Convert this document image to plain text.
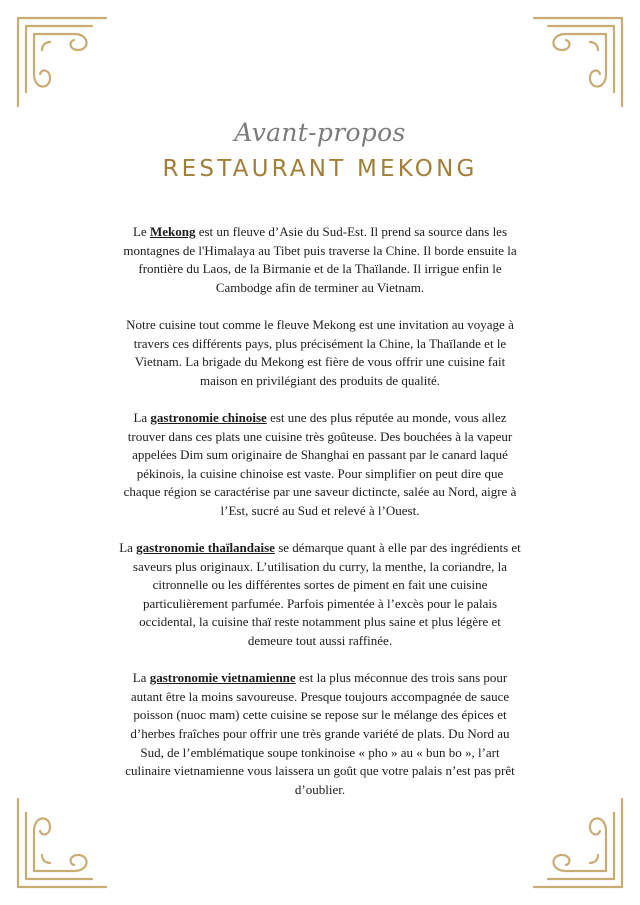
Avant-propos
RESTAURANT MEKONG

Le Mekong est un fleuve d’Asie du Sud-Est. Il prend sa source dans les montagnes de l'Himalaya au Tibet puis traverse la Chine. Il borde ensuite la frontière du Laos, de la Birmanie et de la Thaïlande. Il irrigue enfin le Cambodge afin de terminer au Vietnam.

Notre cuisine tout comme le fleuve Mekong est une invitation au voyage à travers ces différents pays, plus précisément la Chine, la Thaïlande et le Vietnam. La brigade du Mekong est fière de vous offrir une cuisine fait maison en privilégiant des produits de qualité.

La gastronomie chinoise est une des plus réputée au monde, vous allez trouver dans ces plats une cuisine très goûteuse. Des bouchées à la vapeur appelées Dim sum originaire de Shanghai en passant par le canard laqué pékinois, la cuisine chinoise est vaste. Pour simplifier on peut dire que chaque région se caractérise par une saveur dictincte, salée au Nord, aigre à l’Est, sucré au Sud et relevé à l’Ouest.

La gastronomie thaïlandaise se démarque quant à elle par des ingrédients et saveurs plus originaux. L’utilisation du curry, la menthe, la coriandre, la citronnelle ou les différentes sortes de piment en fait une cuisine particulièrement parfumée. Parfois pimentée à l’excès pour le palais occidental, la cuisine thaï reste notamment plus saine et plus légère et demeure tout aussi raffinée.

La gastronomie vietnamienne est la plus méconnue des trois sans pour autant être la moins savoureuse. Presque toujours accompagnée de sauce poisson (nuoc mam) cette cuisine se repose sur le mélange des épices et d’herbes fraîches pour offrir une très grande variété de plats. Du Nord au Sud, de l’emblématique soupe tonkinoise « pho » au « bun bo », l’art culinaire vietnamienne vous laissera un goût que votre palais n’est pas prêt d’oublier.
